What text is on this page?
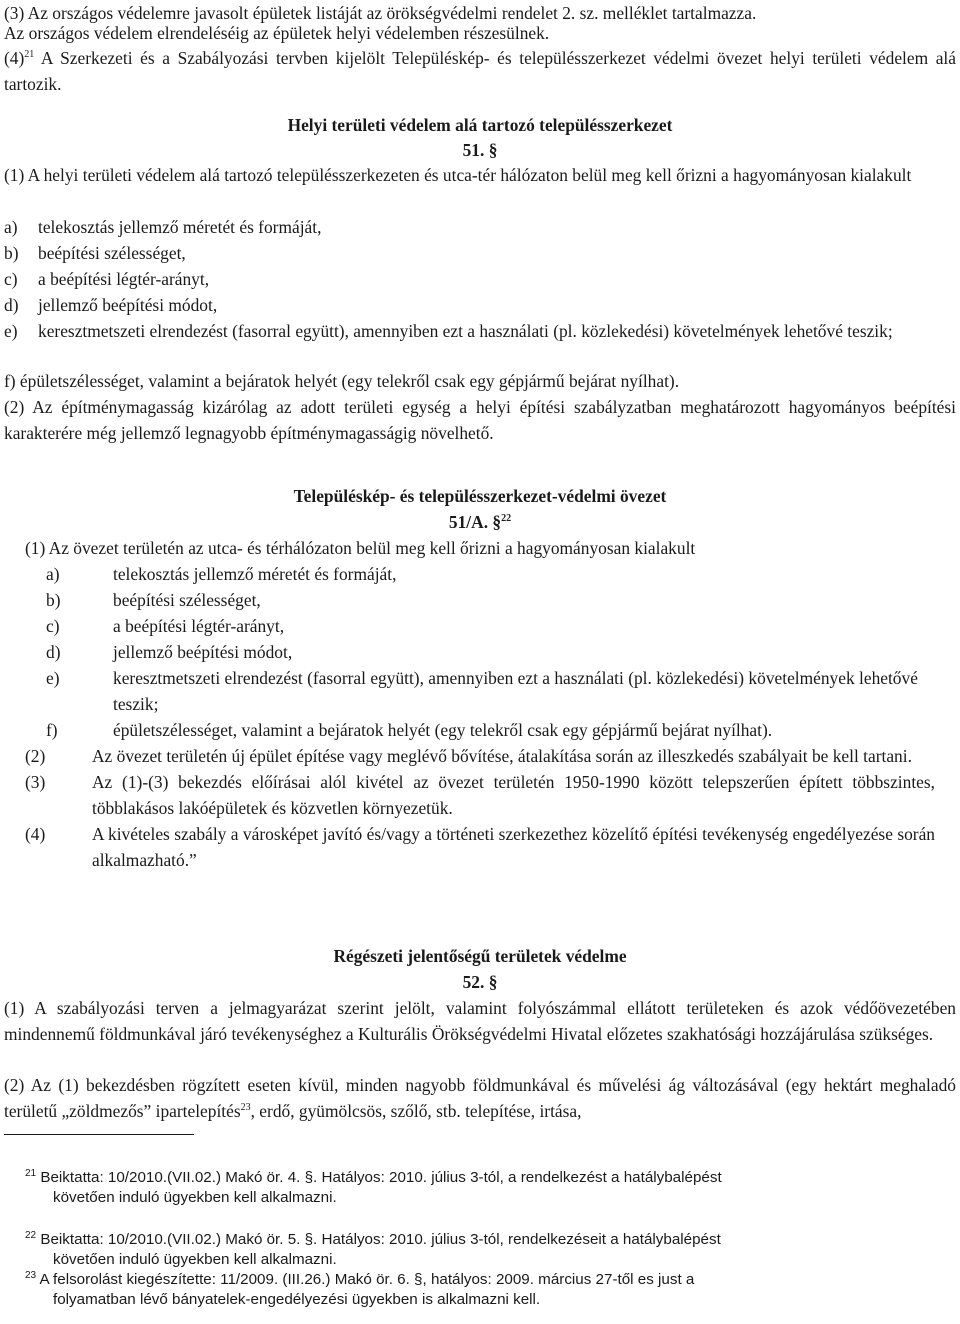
(3) Az országos védelemre javasolt épületek listáját az örökségvédelmi rendelet 2. sz. melléklet tartalmazza.

Az országos védelem elrendeléséig az épületek helyi védelemben részesülnek.

$(4)^{21}$ A Szerkezeti és a Szabályozási tervben kijelölt Településkép- és településszerkezet védelmi övezet helyi területi védelem alá tartozik.

Helyi területi védelem alá tartozó településszerkezet

51. §

(1) A helyi területi védelem alá tartozó településszerkezeten és utca-tér hálózaton belül meg kell őrizni a hagyományosan kialakult

a)	telekosztás jellemző méretét és formáját,
b)	beépítési szélességet,
c)	a beépítési légtér-arányt,
d)	jellemző beépítési módot,
e)	keresztmetszeti elrendezést (fasorral együtt), amennyiben ezt a használati (pl. közlekedési) követelmények lehetővé teszik;

f) épületszélességet, valamint a bejáratok helyét (egy telekről csak egy gépjármű bejárat nyílhat).

(2) Az építménymagasság kizárólag az adott területi egység a helyi építési szabályzatban meghatározott hagyományos beépítési karakterére még jellemző legnagyobb építménymagasságig növelhető.

Településkép- és településszerkezet-védelmi övezet

51/A. §$^{22}$

(1) Az övezet területén az utca- és térhálózaton belül meg kell őrizni a hagyományosan kialakult

a)	telekosztás jellemző méretét és formáját,
b)	beépítési szélességet,
c)	a beépítési légtér-arányt,
d)	jellemző beépítési módot,
e)	keresztmetszeti elrendezést (fasorral együtt), amennyiben ezt a használati (pl. közlekedési) követelmények lehetővé teszik;
f)	épületszélességet, valamint a bejáratok helyét (egy telekről csak egy gépjármű bejárat nyílhat).
(2)	Az övezet területén új épület építése vagy meglévő bővítése, átalakítása során az illeszkedés szabályait be kell tartani.
(3)	Az (1)-(3) bekezdés előírásai alól kivétel az övezet területén 1950-1990 között telepszerűen épített többszintes, többlakásos lakóépületek és közvetlen környezetük.
(4)	A kivételes szabály a városképet javító és/vagy a történeti szerkezethez közelítő építési tevékenység engedélyezése során alkalmazható.”

Régészeti jelentőségű területek védelme

52. §

(1) A szabályozási terven a jelmagyarázat szerint jelölt, valamint folyószámmal ellátott területeken és azok védőövezetében mindennemű földmunkával járó tevékenységhez a Kulturális Örökségvédelmi Hivatal előzetes szakhatósági hozzájárulása szükséges.

(2) Az (1) bekezdésben rögzített eseten kívül, minden nagyobb földmunkával és művelési ág változásával (egy hektárt meghaladó területű „zöldmezős” ipartelepítés$^{23}$, erdő, gyümölcsös, szőlő, stb. telepítése, irtása,

$^{21}$ Beiktatta: 10/2010.(VII.02.) Makó ör. 4. §. Hatályos: 2010. július 3-tól, a rendelkezést a hatálybalépést
követően induló ügyekben kell alkalmazni.
$^{22}$ Beiktatta: 10/2010.(VII.02.) Makó ör. 5. §. Hatályos: 2010. július 3-tól, rendelkezéseit a hatálybalépést
követően induló ügyekben kell alkalmazni.
$^{23}$ A felsorolást kiegészítette: 11/2009. (III.26.) Makó ör. 6. §, hatályos: 2009. március 27-től es just a
folyamatban lévő bányatelek-engedélyezési ügyekben is alkalmazni kell.
